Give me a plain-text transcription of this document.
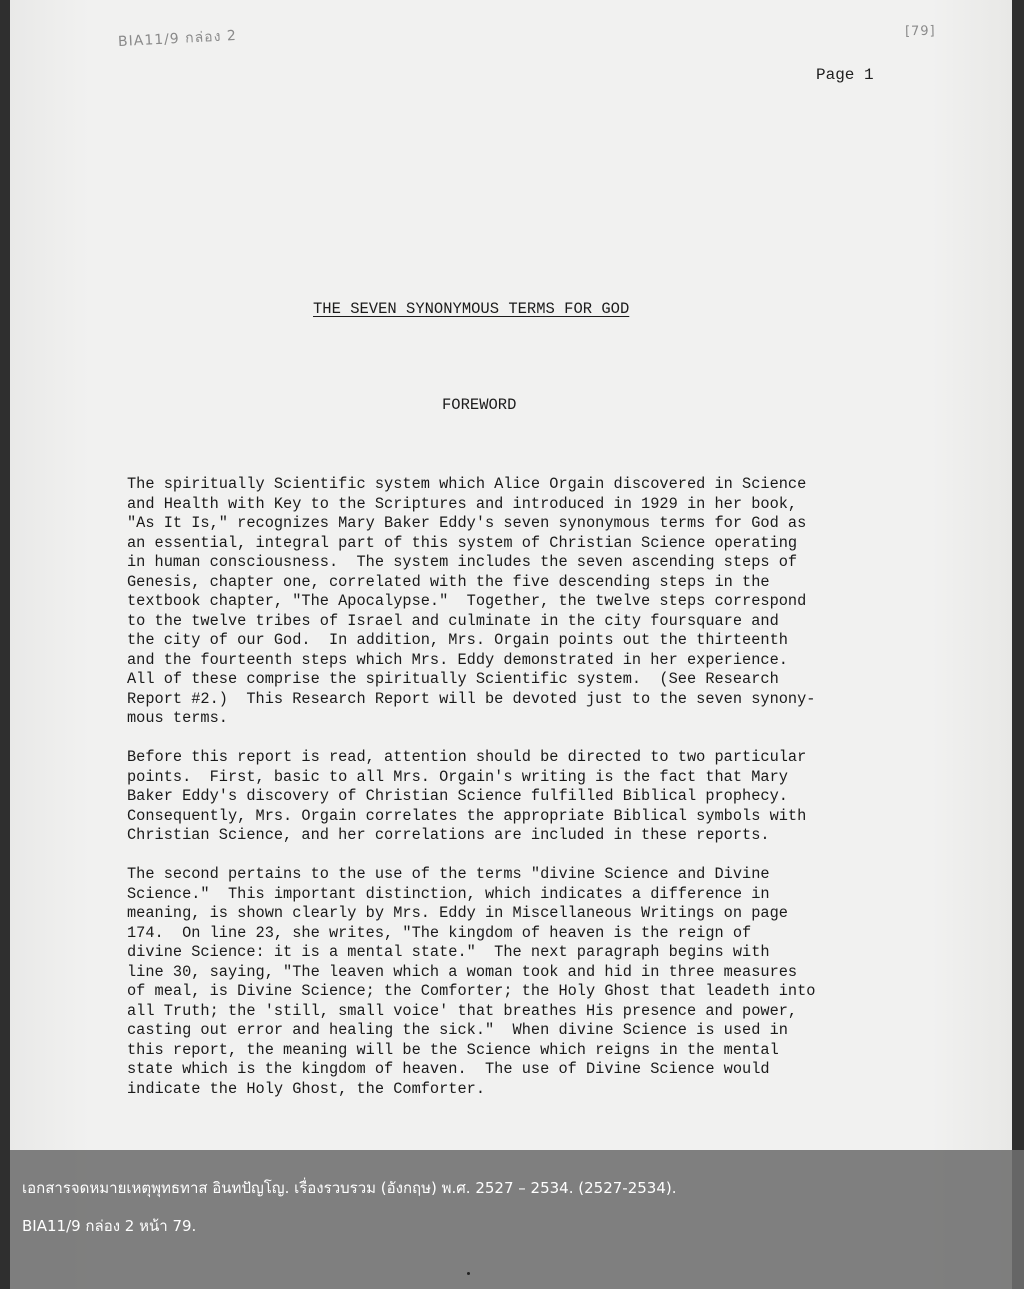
BIA11/9 กล่อง 2	[79]
Page 1
THE SEVEN SYNONYMOUS TERMS FOR GOD
FOREWORD
The spiritually Scientific system which Alice Orgain discovered in Science
and Health with Key to the Scriptures and introduced in 1929 in her book,
"As It Is," recognizes Mary Baker Eddy's seven synonymous terms for God as
an essential, integral part of this system of Christian Science operating
in human consciousness.  The system includes the seven ascending steps of
Genesis, chapter one, correlated with the five descending steps in the
textbook chapter, "The Apocalypse."  Together, the twelve steps correspond
to the twelve tribes of Israel and culminate in the city foursquare and
the city of our God.  In addition, Mrs. Orgain points out the thirteenth
and the fourteenth steps which Mrs. Eddy demonstrated in her experience.
All of these comprise the spiritually Scientific system.  (See Research
Report #2.)  This Research Report will be devoted just to the seven synony-
mous terms.
Before this report is read, attention should be directed to two particular
points.  First, basic to all Mrs. Orgain's writing is the fact that Mary
Baker Eddy's discovery of Christian Science fulfilled Biblical prophecy.
Consequently, Mrs. Orgain correlates the appropriate Biblical symbols with
Christian Science, and her correlations are included in these reports.
The second pertains to the use of the terms "divine Science and Divine
Science."  This important distinction, which indicates a difference in
meaning, is shown clearly by Mrs. Eddy in Miscellaneous Writings on page
174.  On line 23, she writes, "The kingdom of heaven is the reign of
divine Science: it is a mental state."  The next paragraph begins with
line 30, saying, "The leaven which a woman took and hid in three measures
of meal, is Divine Science; the Comforter; the Holy Ghost that leadeth into
all Truth; the 'still, small voice' that breathes His presence and power,
casting out error and healing the sick."  When divine Science is used in
this report, the meaning will be the Science which reigns in the mental
state which is the kingdom of heaven.  The use of Divine Science would
indicate the Holy Ghost, the Comforter.
เอกสารจดหมายเหตุพุทธทาส อินทปัญโญ. เรื่องรวบรวม (อังกฤษ) พ.ศ. 2527 – 2534. (2527-2534).
BIA11/9 กล่อง 2 หน้า 79.
